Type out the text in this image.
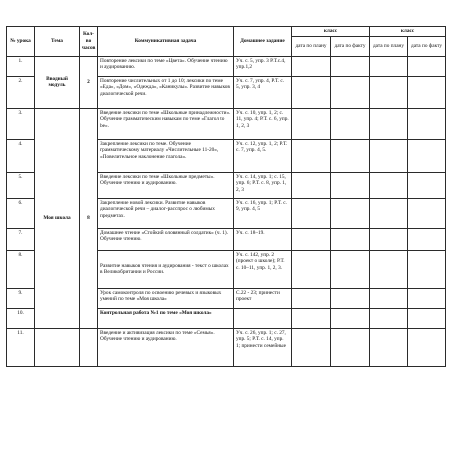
№ урока	Тема	Кол-во часов	Коммуникативная задача	Домашнее задание	класс		класс	
					дата по плану	дата по факту	дата по плану	дата по факту
1.	Вводный модуль	2	Повторение лексики по теме «Цвета». Обучение чтению и аудированию.	Уч. с. 5, упр. 3 Р.Т.с.4, упр.1,2				
2.			Повторение числительных от 1 до 10; лексики по теме «Еда», «Дом», «Одежда», «Каникулы». Развитие навыков диалогической речи.	Уч. с. 7, упр. 4, Р.Т. с. 5, упр. 3, 4				
3.	Моя школа	8	Введение лексики по теме «Школьные принадлежности». Обучение грамматическим навыкам по теме «Глагол to be».	Уч. с. 10, упр. 1, 2; с. 11, упр. 4; Р.Т. с. 6, упр. 1, 2, 3				
4.			Закрепление лексики по теме. Обучение грамматическому материалу «Числительные 11-20», «Повелительное наклонение глагола».	Уч. с. 12, упр. 1, 2; Р.Т. с. 7, упр. 4, 5.				
5.			Введение лексики по теме «Школьные предметы». Обучение чтению и аудированию.	Уч. с. 14, упр. 1; с. 15, упр. 6; Р.Т. с. 8, упр. 1, 2, 3				
6.			Закрепление новой лексики. Развитие навыков диалогической речи – диалог-расспрос о любимых предметах.	Уч. с. 16, упр. 1; Р.Т. с. 9, упр. 4, 5				
7.			Домашнее чтение «Стойкий оловянный солдатик» (ч. 1). Обучение чтению.	Уч. с. 18–19.				
8.			Развитие навыков чтения и аудирования - текст о школах в Великобритании и России.	Уч. с. 142, упр. 2 (проект о школе); Р.Т. с. 10–11, упр. 1, 2, 3.				
9.			Урок самоконтроля по освоению речевых и языковых умений по теме «Моя школа»	С.22 - 23; принести проект				
10.			Контрольная работа №1 по теме «Моя школа»					
11.			Введение и активизация лексики по теме «Семья». Обучение чтению и аудированию.	Уч. с. 26, упр. 1; с. 27, упр. 5; Р.Т. с. 14, упр. 1; принести семейные				
